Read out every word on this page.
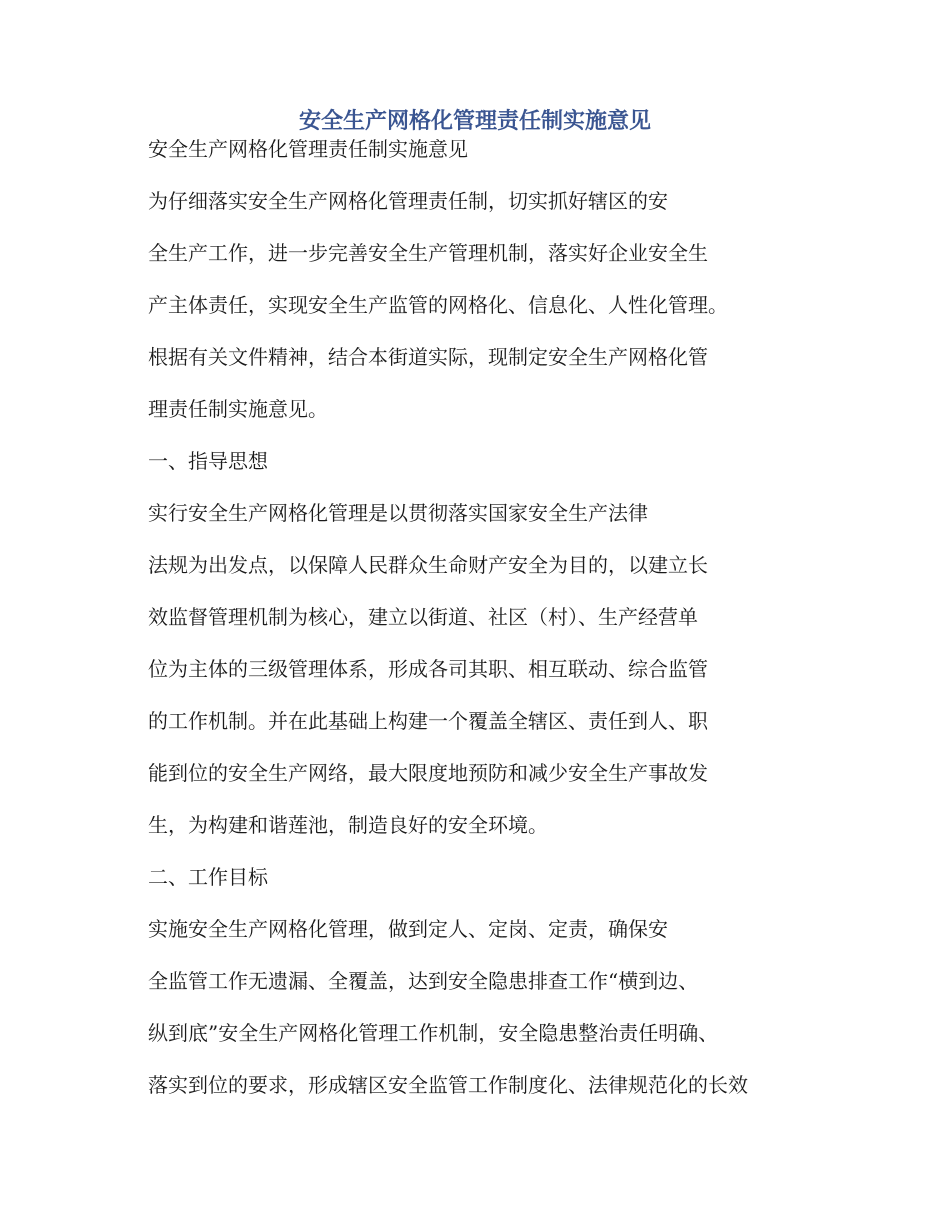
安全生产网格化管理责任制实施意见
安全生产网格化管理责任制实施意见
为仔细落实安全生产网格化管理责任制，切实抓好辖区的安
全生产工作，进一步完善安全生产管理机制，落实好企业安全生
产主体责任，实现安全生产监管的网格化、信息化、人性化管理。
根据有关文件精神，结合本街道实际，现制定安全生产网格化管
理责任制实施意见。
一、指导思想
实行安全生产网格化管理是以贯彻落实国家安全生产法律
法规为出发点，以保障人民群众生命财产安全为目的，以建立长
效监督管理机制为核心，建立以街道、社区（村）、生产经营单
位为主体的三级管理体系，形成各司其职、相互联动、综合监管
的工作机制。并在此基础上构建一个覆盖全辖区、责任到人、职
能到位的安全生产网络，最大限度地预防和减少安全生产事故发
生，为构建和谐莲池，制造良好的安全环境。
二、工作目标
实施安全生产网格化管理，做到定人、定岗、定责，确保安
全监管工作无遗漏、全覆盖，达到安全隐患排查工作“横到边、
纵到底”安全生产网格化管理工作机制，安全隐患整治责任明确、
落实到位的要求，形成辖区安全监管工作制度化、法律规范化的长效
